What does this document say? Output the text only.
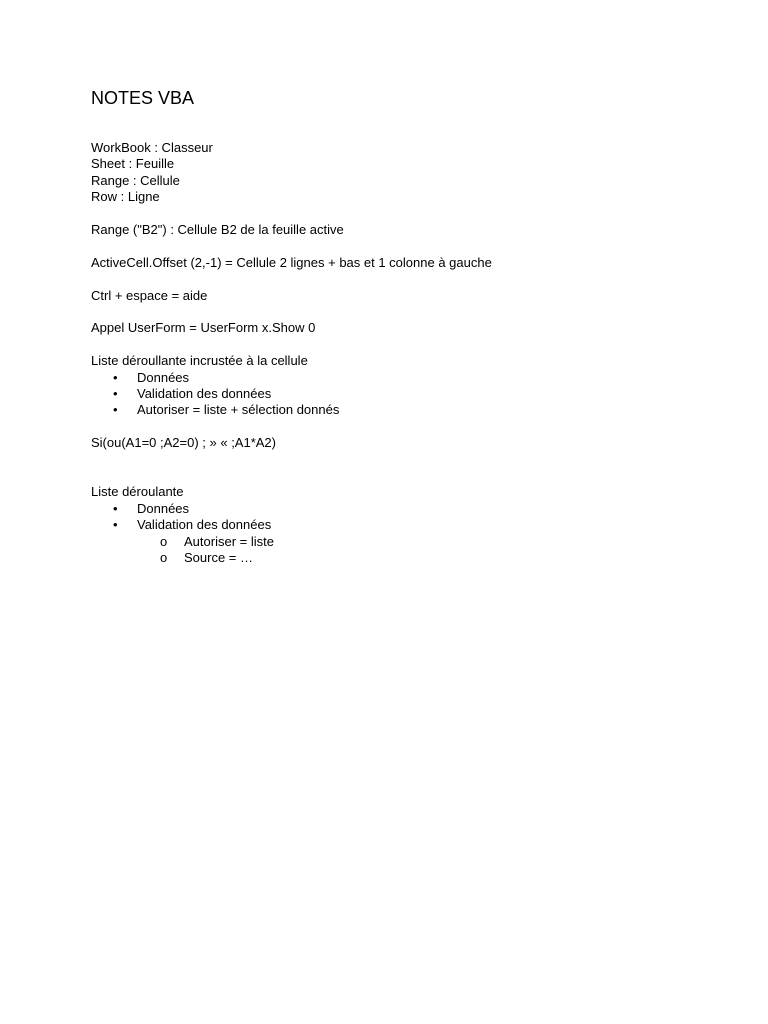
NOTES VBA
WorkBook : Classeur
Sheet : Feuille
Range : Cellule
Row : Ligne
Range ("B2") : Cellule B2 de la feuille active
ActiveCell.Offset (2,-1) = Cellule 2 lignes + bas et 1 colonne à gauche
Ctrl + espace = aide
Appel UserForm = UserForm x.Show 0
Liste déroullante incrustée à la cellule
• Données
• Validation des données
• Autoriser = liste + sélection donnés
Si(ou(A1=0 ;A2=0) ; » « ;A1*A2)
Liste déroulante
• Données
• Validation des données
o Autoriser = liste
o Source = …
